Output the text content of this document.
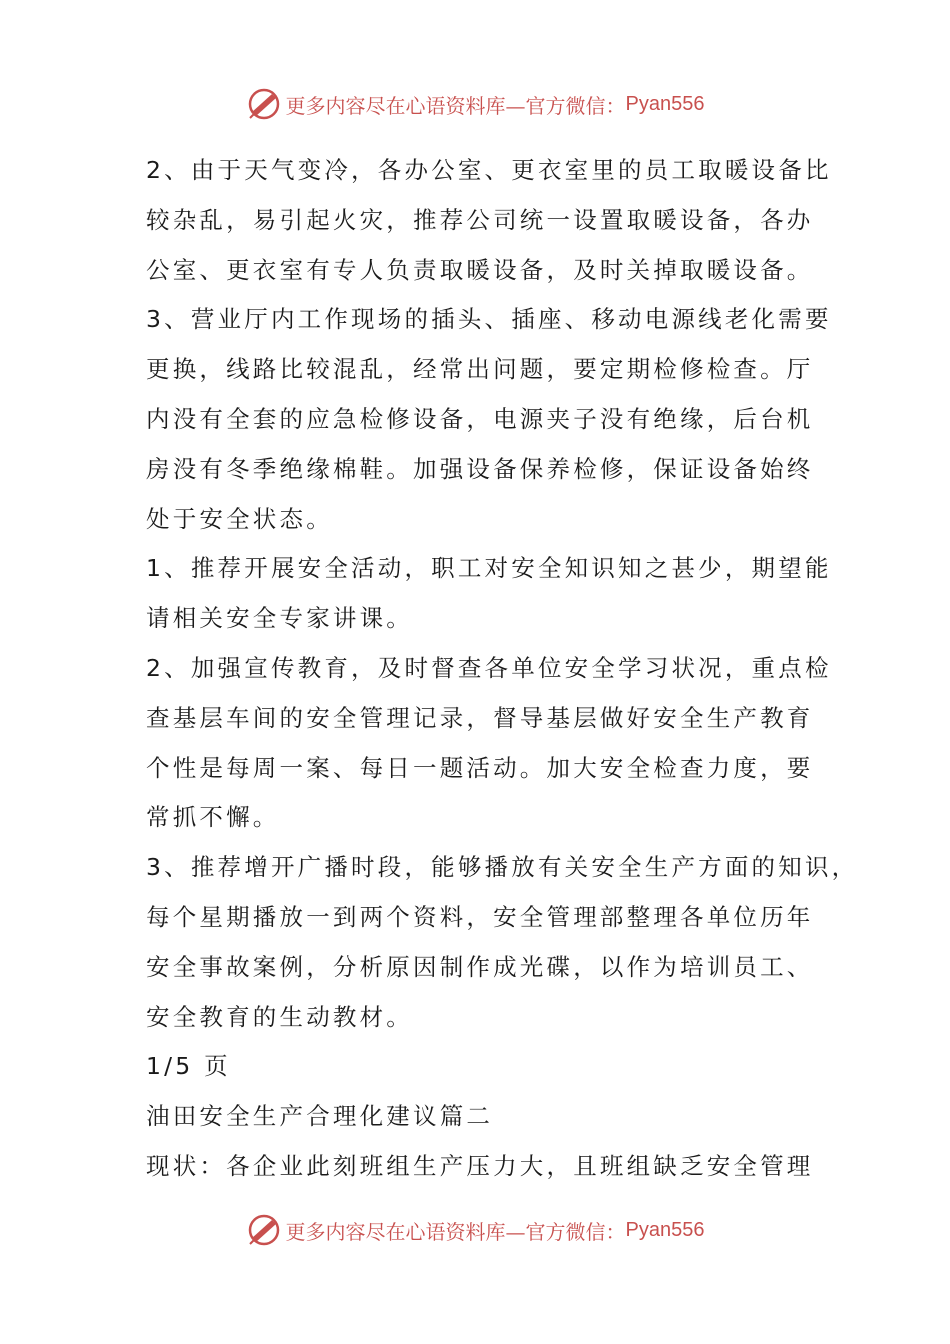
更多内容尽在心语资料库—官方微信： Pyan556
2、由于天气变冷，各办公室、更衣室里的员工取暖设备比
较杂乱，易引起火灾，推荐公司统一设置取暖设备，各办
公室、更衣室有专人负责取暖设备，及时关掉取暖设备。
3、营业厅内工作现场的插头、插座、移动电源线老化需要
更换，线路比较混乱，经常出问题，要定期检修检查。厅
内没有全套的应急检修设备，电源夹子没有绝缘，后台机
房没有冬季绝缘棉鞋。加强设备保养检修，保证设备始终
处于安全状态。
1、推荐开展安全活动，职工对安全知识知之甚少，期望能
请相关安全专家讲课。
2、加强宣传教育，及时督查各单位安全学习状况，重点检
查基层车间的安全管理记录，督导基层做好安全生产教育
个性是每周一案、每日一题活动。加大安全检查力度，要
常抓不懈。
3、推荐增开广播时段，能够播放有关安全生产方面的知识，
每个星期播放一到两个资料，安全管理部整理各单位历年
安全事故案例，分析原因制作成光碟，以作为培训员工、
安全教育的生动教材。
1/5 页
油田安全生产合理化建议篇二
现状：各企业此刻班组生产压力大，且班组缺乏安全管理
更多内容尽在心语资料库—官方微信： Pyan556
